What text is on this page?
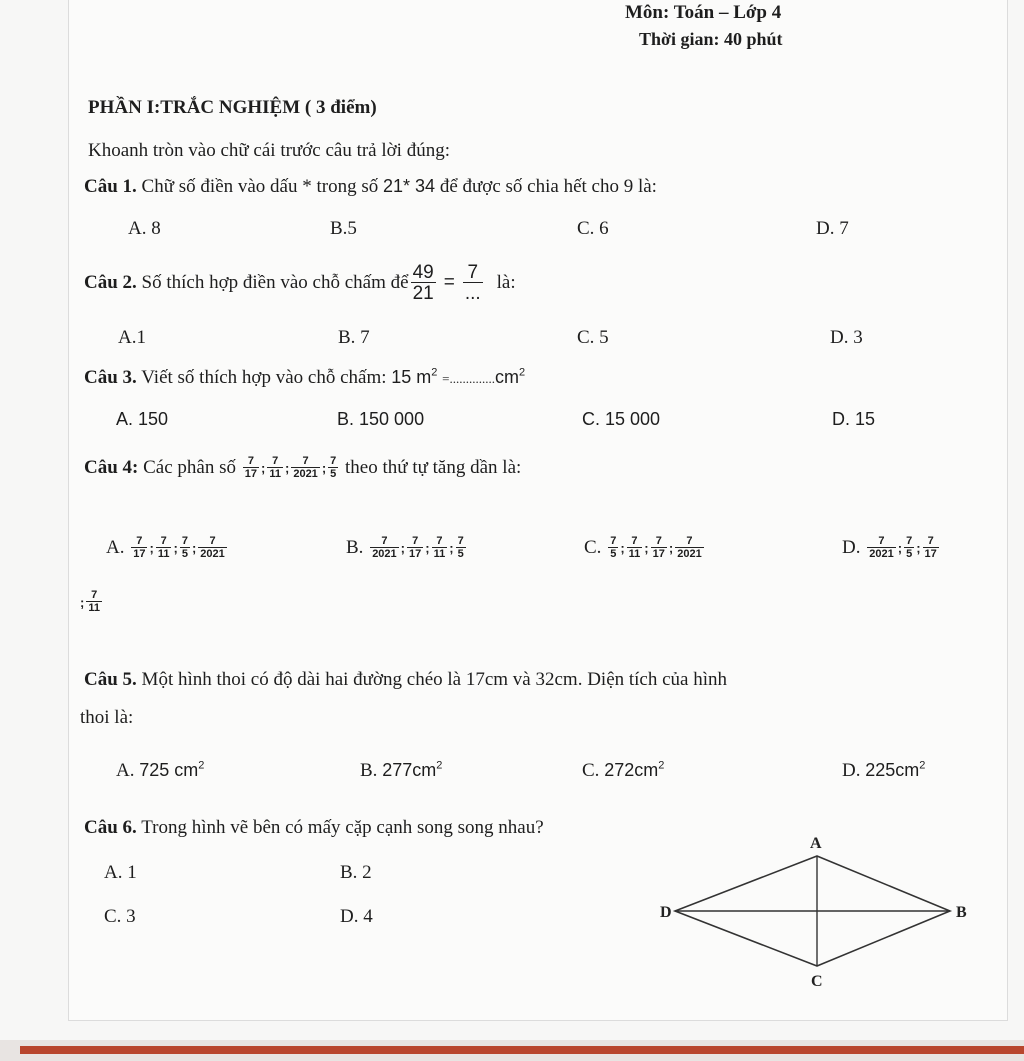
Môn: Toán – Lớp 4
Thời gian: 40 phút
PHẦN I:TRẮC NGHIỆM ( 3 điểm)
Khoanh tròn vào chữ cái trước câu trả lời đúng:
Câu 1. Chữ số điền vào dấu * trong số 21* 34 để được số chia hết cho 9 là:
A. 8	B.5	C. 6	D. 7
Câu 2.
Số thích hợp điền vào chỗ chấm để $\frac{49}{21} = \frac{7}{...}$ là:
A.1	B. 7	C. 5	D. 3
Câu 3. Viết số thích hợp vào chỗ chấm: 15 $m^2 =..............cm^2$
A. 150	B. 150 000	C. 15 000	D. 15
Câu 4:
Các phân số
$\frac{7}{17}$ ; $\frac{7}{11}$ ; $\frac{7}{2021}$ ; $\frac{7}{5}$
theo thứ tự tăng dần là:
A.
$\frac{7}{17}$ ; $\frac{7}{11}$ ; $\frac{7}{5}$ ; $\frac{7}{2021}$	B.
$\frac{7}{2021}$ ; $\frac{7}{17}$ ; $\frac{7}{11}$ ; $\frac{7}{5}$	C.
$\frac{7}{5}$ ; $\frac{7}{11}$ ; $\frac{7}{17}$ ; $\frac{7}{2021}$	D.
$\frac{7}{2021}$ ; $\frac{7}{5}$ ; $\frac{7}{17}$
; $\frac{7}{11}$
Câu 5. Một hình thoi có độ dài hai đường chéo là 17cm và 32cm. Diện tích của hình
thoi là:
A. 725 $cm^2$	B. $277cm^2$	C. $272cm^2$	D. $225cm^2$
Câu 6. Trong hình vẽ bên có mấy cặp cạnh song song nhau?
A. 1	B. 2
C. 3	D. 4
A
B
C
D
